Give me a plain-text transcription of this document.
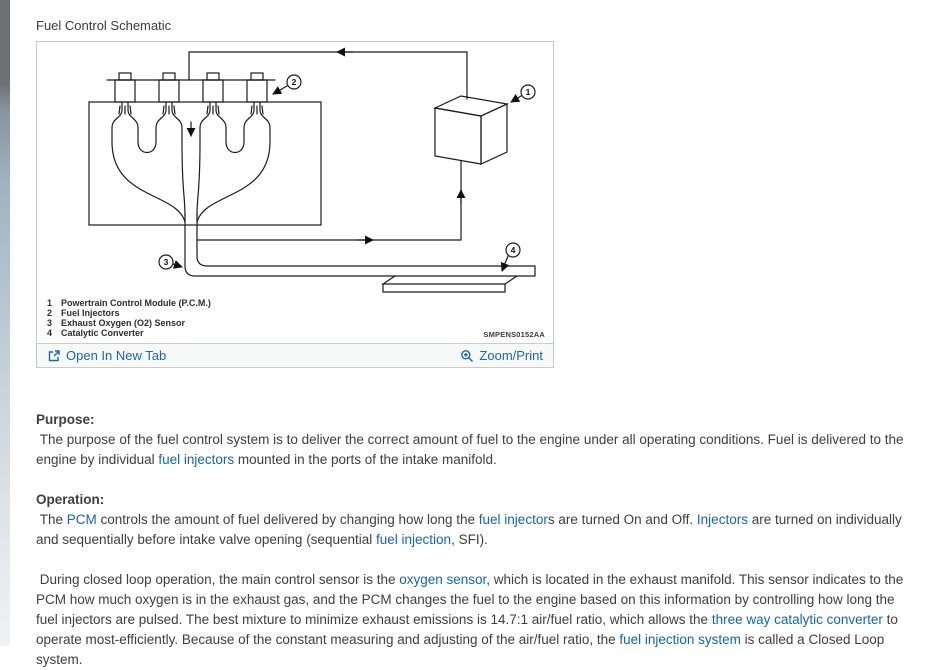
Fuel Control Schematic
1
2
3
4
1 Powertrain Control Module (P.C.M.)
2 Fuel Injectors
3 Exhaust Oxygen (O2) Sensor
4 Catalytic Converter	SMPENS0152AA
Open In New Tab	Zoom/Print

Purpose:

The purpose of the fuel control system is to deliver the correct amount of fuel to the engine under all operating conditions. Fuel is delivered to the engine by individual fuel injectors mounted in the ports of the intake manifold.

Operation:

The PCM controls the amount of fuel delivered by changing how long the fuel injectors are turned On and Off. Injectors are turned on individually and sequentially before intake valve opening (sequential fuel injection, SFI).

During closed loop operation, the main control sensor is the oxygen sensor, which is located in the exhaust manifold. This sensor indicates to the PCM how much oxygen is in the exhaust gas, and the PCM changes the fuel to the engine based on this information by controlling how long the fuel injectors are pulsed. The best mixture to minimize exhaust emissions is 14.7:1 air/fuel ratio, which allows the three way catalytic converter to operate most-efficiently. Because of the constant measuring and adjusting of the air/fuel ratio, the fuel injection system is called a Closed Loop system.
